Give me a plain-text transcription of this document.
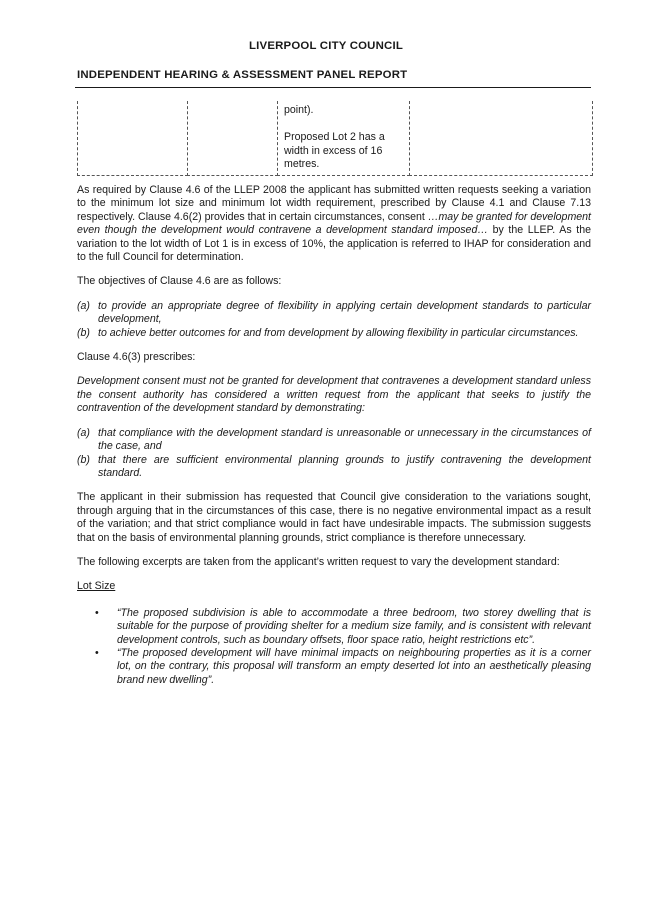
LIVERPOOL CITY COUNCIL
INDEPENDENT HEARING & ASSESSMENT PANEL REPORT
point).
Proposed Lot 2 has a
width in excess of 16
metres.

As required by Clause 4.6 of the LLEP 2008 the applicant has submitted written requests seeking a variation to the minimum lot size and minimum lot width requirement, prescribed by Clause 4.1 and Clause 7.13 respectively. Clause 4.6(2) provides that in certain circumstances, consent …may be granted for development even though the development would contravene a development standard imposed… by the LLEP. As the variation to the lot width of Lot 1 is in excess of 10%, the application is referred to IHAP for consideration and to the full Council for determination.

The objectives of Clause 4.6 are as follows:

(a) to provide an appropriate degree of flexibility in applying certain development standards to particular development,
(b) to achieve better outcomes for and from development by allowing flexibility in particular circumstances.

Clause 4.6(3) prescribes:

Development consent must not be granted for development that contravenes a development standard unless the consent authority has considered a written request from the applicant that seeks to justify the contravention of the development standard by demonstrating:

(a) that compliance with the development standard is unreasonable or unnecessary in the circumstances of the case, and
(b) that there are sufficient environmental planning grounds to justify contravening the development standard.

The applicant in their submission has requested that Council give consideration to the variations sought, through arguing that in the circumstances of this case, there is no negative environmental impact as a result of the variation; and that strict compliance would in fact have undesirable impacts. The submission suggests that on the basis of environmental planning grounds, strict compliance is therefore unnecessary.

The following excerpts are taken from the applicant’s written request to vary the development standard:

Lot Size

• “The proposed subdivision is able to accommodate a three bedroom, two storey dwelling that is suitable for the purpose of providing shelter for a medium size family, and is consistent with relevant development controls, such as boundary offsets, floor space ratio, height restrictions etc”.
• “The proposed development will have minimal impacts on neighbouring properties as it is a corner lot, on the contrary, this proposal will transform an empty deserted lot into an aesthetically pleasing brand new dwelling”.
